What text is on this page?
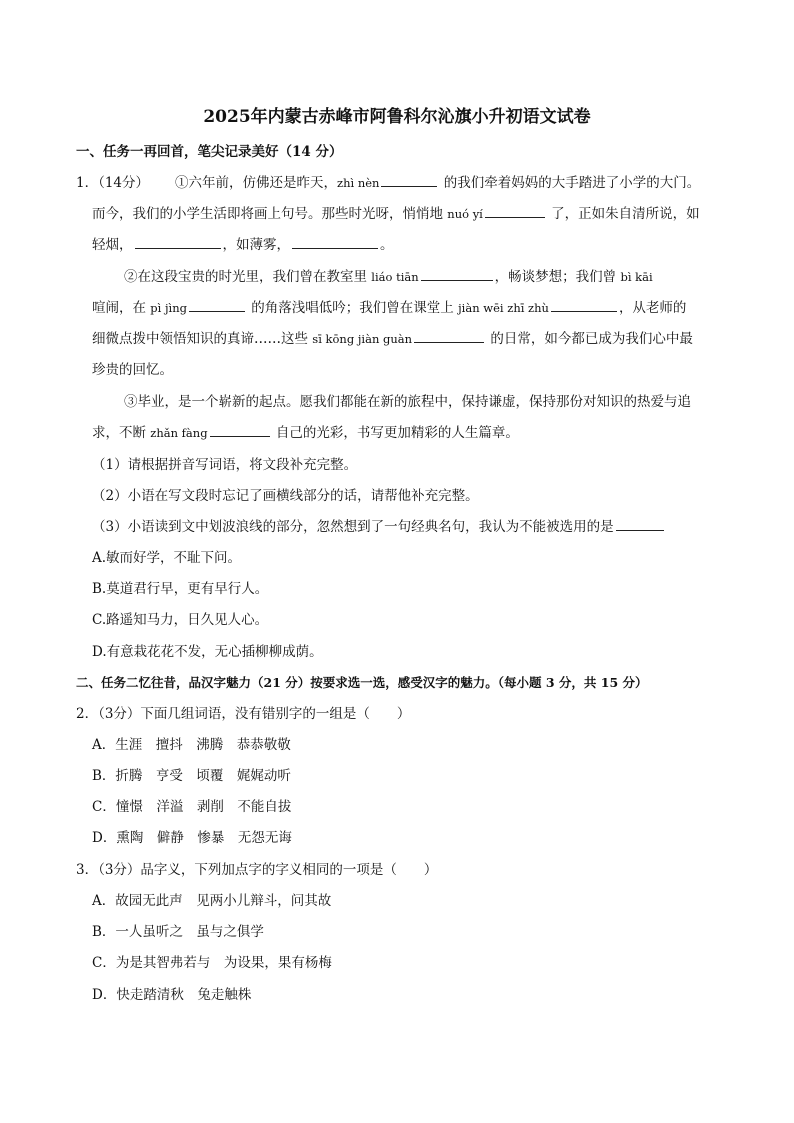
2025年内蒙古赤峰市阿鲁科尔沁旗小升初语文试卷
一、任务一再回首，笔尖记录美好（14 分）
1．（14分） ①六年前，仿佛还是昨天，zhì nèn	的我们牵着妈妈的大手踏进了小学的大门。
而今，我们的小学生活即将画上句号。那些时光呀，悄悄地 nuó yí	了，正如朱自清所说，如
轻烟，	，如薄雾，	。
②在这段宝贵的时光里，我们曾在教室里 liáo tiān	，畅谈梦想；我们曾 bì kāi
喧闹，在 pì jìng	的角落浅唱低吟；我们曾在课堂上 jiàn wēi zhī zhù	，从老师的
细微点拨中领悟知识的真谛……这些 sī kōng jiàn guàn	的日常，如今都已成为我们心中最
珍贵的回忆。
③毕业，是一个崭新的起点。愿我们都能在新的旅程中，保持谦虚，保持那份对知识的热爱与追
求，不断 zhǎn fàng	自己的光彩，书写更加精彩的人生篇章。
（1）请根据拼音写词语，将文段补充完整。
（2）小语在写文段时忘记了画横线部分的话，请帮他补充完整。
（3）小语读到文中划波浪线的部分，忽然想到了一句经典名句，我认为不能被选用的是
A.敏而好学，不耻下问。
B.莫道君行早，更有早行人。
C.路遥知马力，日久见人心。
D.有意栽花花不发，无心插柳柳成荫。
二、任务二忆往昔，品汉字魅力（21 分）按要求选一选，感受汉字的魅力。（每小题 3 分，共 15 分）
2．（3分）下面几组词语，没有错别字的一组是（　　）
A．生涯　擅抖　沸腾　恭恭敬敬
B．折腾　亨受　顷覆　娓娓动听
C．憧憬　洋溢　剥削　不能自拔
D．熏陶　僻静　惨暴　无怨无诲
3．（3分）品字义，下列加点字的字义相同的一项是（　　）
A．故园无此声　见两小儿辩斗，问其故
B．一人虽听之　虽与之俱学
C．为是其智弗若与　为设果，果有杨梅
D．快走踏清秋　兔走触株
